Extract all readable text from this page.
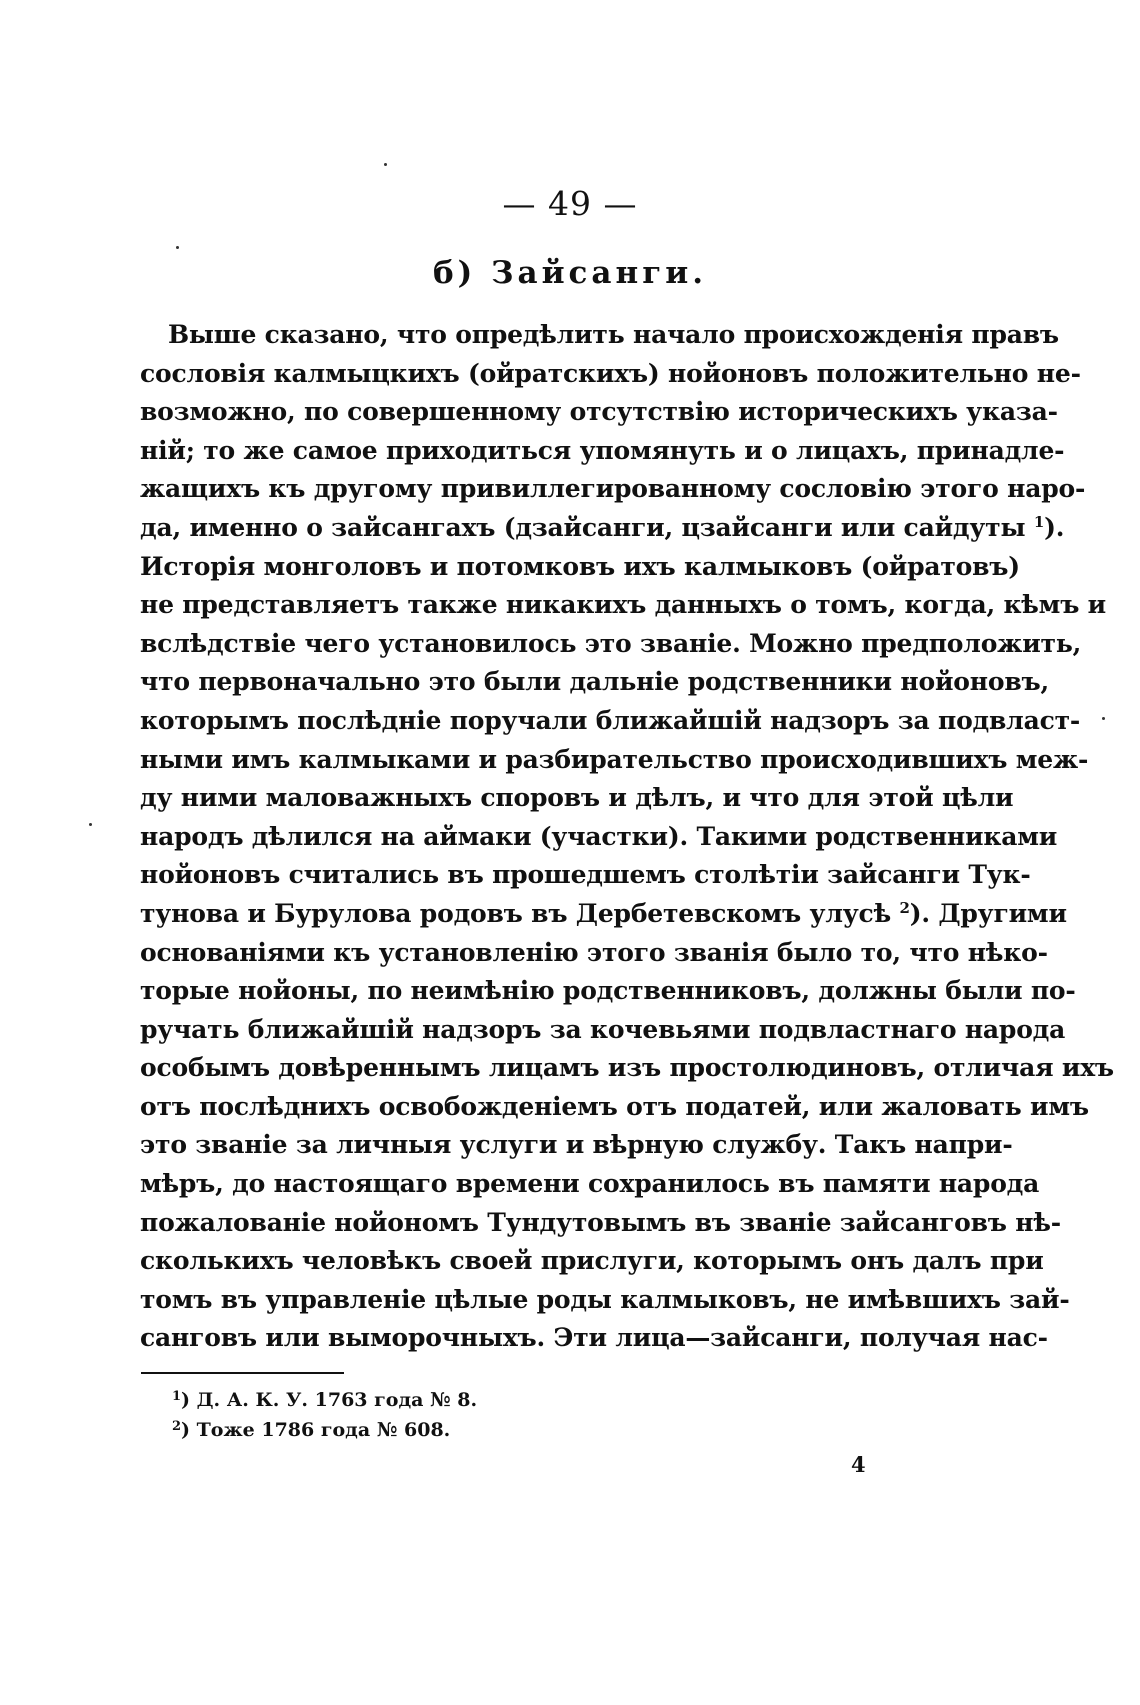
— 49 —
б) Зайсанги.
Выше сказано, что опредѣлить начало происхожденія правъ
сословія калмыцкихъ (ойратскихъ) нойоновъ положительно не-
возможно, по совершенному отсутствію историческихъ указа-
ній; то же самое приходиться упомянуть и о лицахъ, принадле-
жащихъ къ другому привиллегированному сословію этого наро-
да, именно о зайсангахъ (дзайсанги, цзайсанги или сайдуты $^1$).
Исторія монголовъ и потомковъ ихъ калмыковъ (ойратовъ)
не представляетъ также никакихъ данныхъ о томъ, когда, кѣмъ и
вслѣдствіе чего установилось это званіе. Можно предположить,
что первоначально это были дальніе родственники нойоновъ,
которымъ послѣдніе поручали ближайшій надзоръ за подвласт-
ными имъ калмыками и разбирательство происходившихъ меж-
ду ними маловажныхъ споровъ и дѣлъ, и что для этой цѣли
народъ дѣлился на аймаки (участки). Такими родственниками
нойоновъ считались въ прошедшемъ столѣтіи зайсанги Тук-
тунова и Бурулова родовъ въ Дербетевскомъ улусѣ $^2$). Другими
основаніями къ установленію этого званія было то, что нѣко-
торые нойоны, по неимѣнію родственниковъ, должны были по-
ручать ближайшій надзоръ за кочевьями подвластнаго народа
особымъ довѣреннымъ лицамъ изъ простолюдиновъ, отличая ихъ
отъ послѣднихъ освобожденіемъ отъ податей, или жаловать имъ
это званіе за личныя услуги и вѣрную службу. Такъ напри-
мѣръ, до настоящаго времени сохранилось въ памяти народа
пожалованіе нойономъ Тундутовымъ въ званіе зайсанговъ нѣ-
сколькихъ человѣкъ своей прислуги, которымъ онъ далъ при
томъ въ управленіе цѣлые роды калмыковъ, не имѣвшихъ зай-
санговъ или выморочныхъ. Эти лица—зайсанги, получая нас-
$^1$) Д. А. К. У. 1763 года № 8.
$^2$) Тоже 1786 года № 608.
4
